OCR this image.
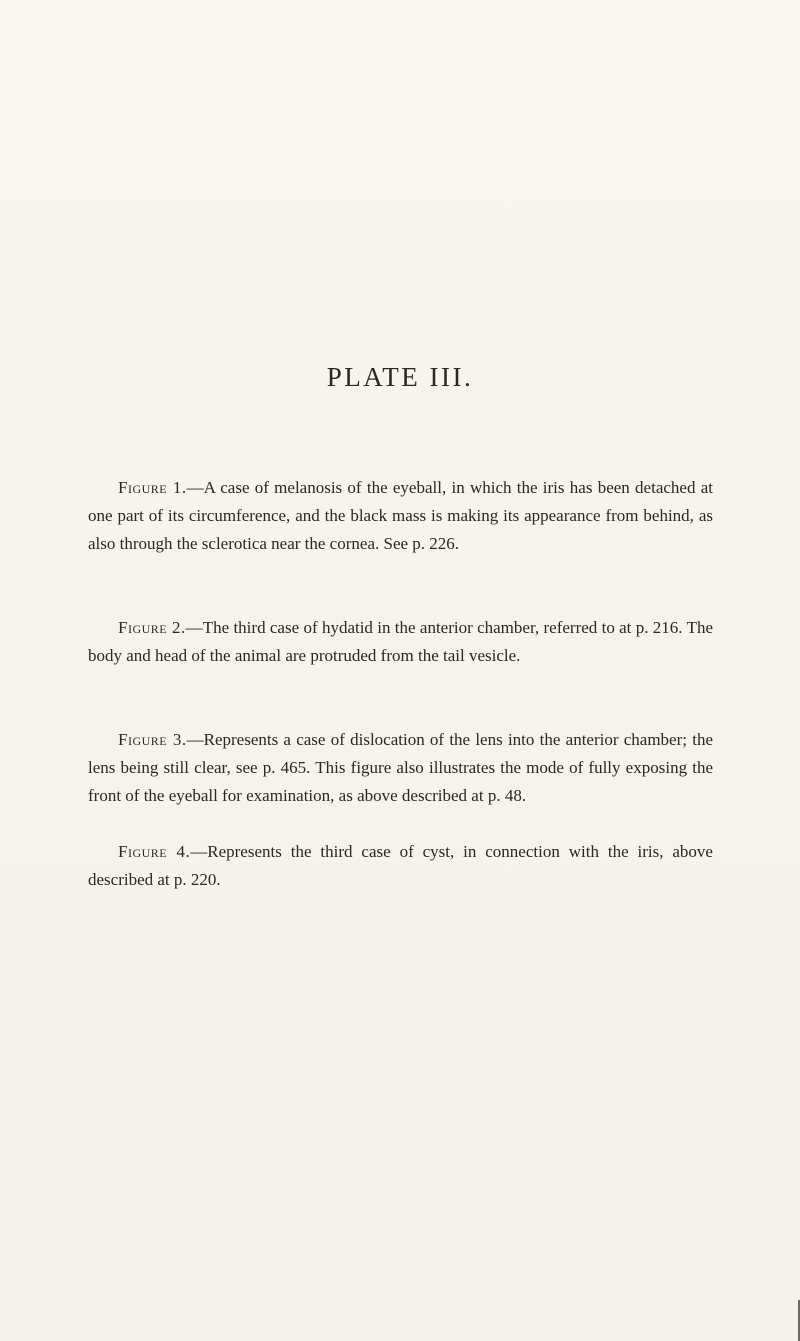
PLATE III.

Figure 1.—A case of melanosis of the eyeball, in which the iris has been detached at one part of its circumference, and the black mass is making its appearance from behind, as also through the sclerotica near the cornea. See p. 226.

Figure 2.—The third case of hydatid in the anterior chamber, referred to at p. 216. The body and head of the animal are protruded from the tail vesicle.

Figure 3.—Represents a case of dislocation of the lens into the anterior chamber; the lens being still clear, see p. 465. This figure also illustrates the mode of fully exposing the front of the eyeball for examination, as above described at p. 48.

Figure 4.—Represents the third case of cyst, in connection with the iris, above described at p. 220.
